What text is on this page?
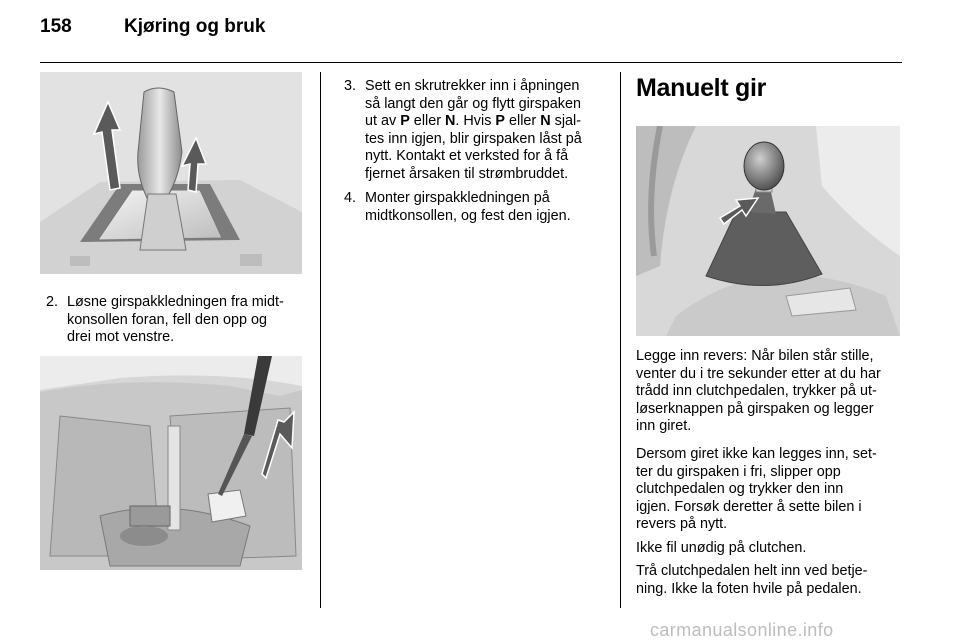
158	Kjøring og bruk
2. Løsne girspakkledningen fra midt-
konsollen foran, fell den opp og
drei mot venstre.
3. Sett en skrutrekker inn i åpningen
så langt den går og flytt girspaken
ut av P eller N. Hvis P eller N sjal-
tes inn igjen, blir girspaken låst på
nytt. Kontakt et verksted for å få
fjernet årsaken til strømbruddet.
4. Monter girspakkledningen på
midtkonsollen, og fest den igjen.
Manuelt gir
Legge inn revers: Når bilen står stille,
venter du i tre sekunder etter at du har
trådd inn clutchpedalen, trykker på ut-
løserknappen på girspaken og legger
inn giret.
Dersom giret ikke kan legges inn, set-
ter du girspaken i fri, slipper opp
clutchpedalen og trykker den inn
igjen. Forsøk deretter å sette bilen i
revers på nytt.
Ikke fil unødig på clutchen.
Trå clutchpedalen helt inn ved betje-
ning. Ikke la foten hvile på pedalen.
carmanualsonline.info
